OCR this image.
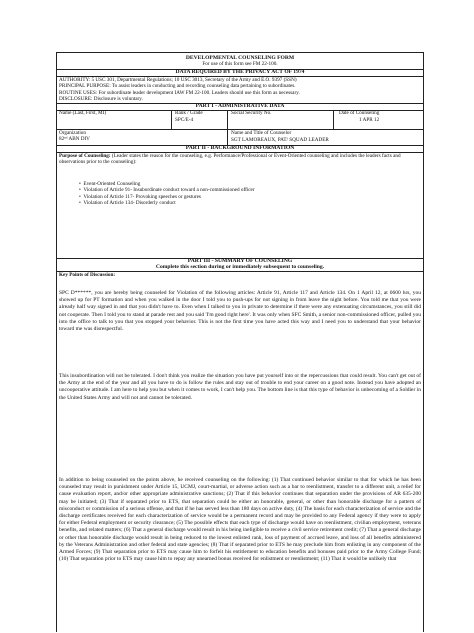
DEVELOPMENTAL COUNSELING FORM
For use of this form see FM 22-100.
DATA REQUIRED BY THE PRIVACY ACT OF 1974
AUTHORITY: 5 USC 301, Departmental Regulations; 10 USC 3013, Secretary of the Army and E.O. 9397 (SSN)
PRINCIPAL PURPOSE: To assist leaders in conducting and recording counseling data pertaining to subordinates.
ROUTINE USES: For subordinate leader development IAW FM 22-100. Leaders should use this form as necessary.
DISCLOSURE: Disclosure is voluntary.
PART I - ADMINISTRATIVE DATA
Name (Last, First, MI)	Rank / Grade
SPC/E-4
Social Security No.	Date of Counseling
1 APR 12
Organization
82ⁿᵈ ABN DIV
Name and Title of Counselor
SGT LAMOREAUX, PAT/ SQUAD LEADER
PART II - BACKGROUND INFORMATION
Purpose of Counseling: (Leader states the reason for the counseling, e.g. Performance/Professional or Event-Oriented counseling and includes the leaders facts and observations prior to the counseling):
•  Event-Oriented Counseling
•  Violation of Article 91- Insubordinate conduct toward a non-commissioned officer
•  Violation of Article 117- Provoking speeches or gestures
•  Violation of Article 134- Disorderly conduct
PART III - SUMMARY OF COUNSELING
Complete this section during or immediately subsequent to counseling.
Key Points of Discussion:
SPC D******, you are hereby being counseled for Violation of the following articles: Article 91, Article 117 and Article 134. On 1 April 12, at 0600 hrs, you showed up for PT formation and when you walked in the door I told you to push-ups for not signing in from leave the night before. You told me that you were already half way signed in and that you didn't have to. Even when I talked to you in private to determine if there were any extenuating circumstances, you still did not cooperate. Then I told you to stand at parade rest and you said 'I'm good right here'. It was only when SFC Smith, a senior non-commissioned officer, pulled you into the office to talk to you that you stopped your behavior. This is not the first time you have acted this way and I need you to understand that your behavior toward me was disrespectful.
This insubordination will not be tolerated. I don't think you realize the situation you have put yourself into or the repercussions that could result. You can't get out of the Army at the end of the year and all you have to do is follow the rules and stay out of trouble to end your career on a good note. Instead you have adopted an uncooperative attitude. I am here to help you but when it comes to work, I can't help you. The bottom line is that this type of behavior is unbecoming of a Soldier in the United States Army and will not and cannot be tolerated.
In addition to being counseled on the points above, he received counseling on the following: (1) That continued behavior similar to that for which he has been counseled may result in punishment under Article 15, UCMJ, court-martial, or adverse action such as a bar to reenlistment, transfer to a different unit, a relief for cause evaluation report, and/or other appropriate administrative sanctions; (2) That if this behavior continues that separation under the provisions of AR 635-200 may be initiated; (3) That if separated prior to ETS, that separation could be either an honorable, general, or other than honorable discharge for a pattern of misconduct or commission of a serious offense, and that if he has served less than 180 days on active duty, (4) The basis for each characterization of service and the discharge certificates received for each characterization of service would be a permanent record and may be provided to any Federal agency if they were to apply for either Federal employment or security clearance; (5) The possible effects that each type of discharge would have on reenlistment, civilian employment, veterans benefits, and related matters; (6) That a general discharge would result in his being ineligible to receive a civil service retirement credit; (7) That a general discharge or other than honorable discharge would result in being reduced to the lowest enlisted rank, loss of payment of accrued leave, and loss of all benefits administered by the Veterans Administration and other federal and state agencies; (8) That if separated prior to ETS he may preclude him from enlisting in any component of the Armed Forces; (9) That separation prior to ETS may cause him to forfeit his entitlement to education benefits and bonuses paid prior to the Army College Fund; (10) That separation prior to ETS may cause him to repay any unearned bonus received for enlistment or reenlistment; (11) That it would be unlikely that
